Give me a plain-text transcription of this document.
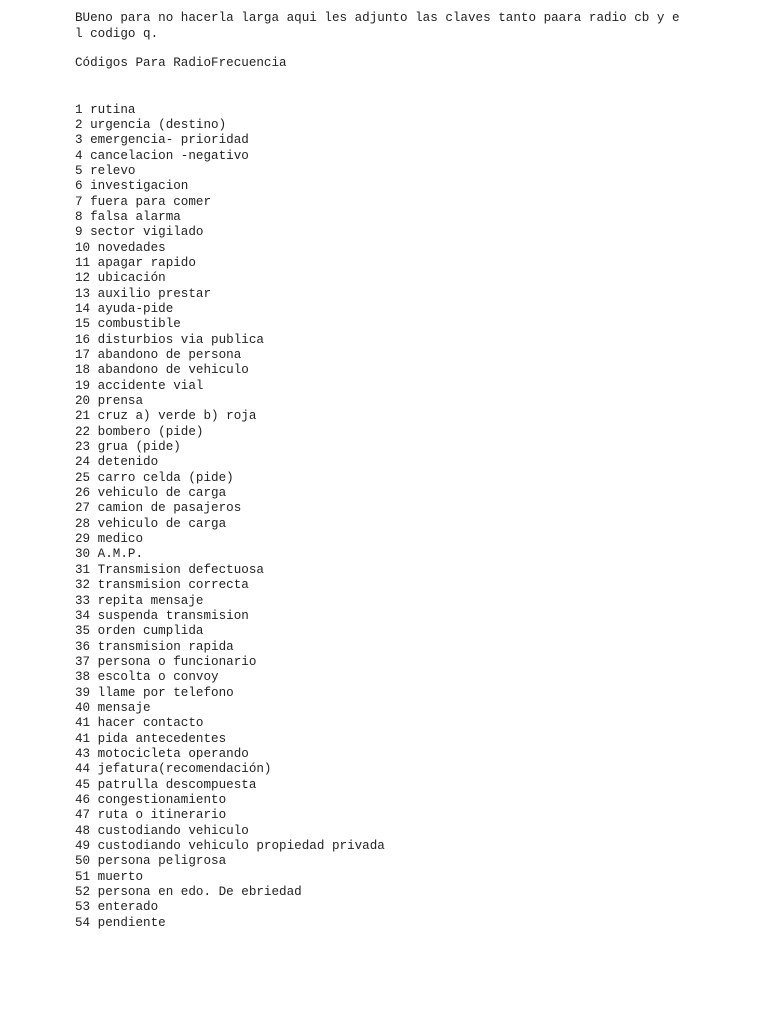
BUeno para no hacerla larga aqui les adjunto las claves tanto paara radio cb y e
l codigo q.

Códigos Para RadioFrecuencia

1 rutina
2 urgencia (destino)
3 emergencia- prioridad
4 cancelacion -negativo
5 relevo
6 investigacion
7 fuera para comer
8 falsa alarma
9 sector vigilado
10 novedades
11 apagar rapido
12 ubicación
13 auxilio prestar
14 ayuda-pide
15 combustible
16 disturbios via publica
17 abandono de persona
18 abandono de vehiculo
19 accidente vial
20 prensa
21 cruz a) verde b) roja
22 bombero (pide)
23 grua (pide)
24 detenido
25 carro celda (pide)
26 vehiculo de carga
27 camion de pasajeros
28 vehiculo de carga
29 medico
30 A.M.P.
31 Transmision defectuosa
32 transmision correcta
33 repita mensaje
34 suspenda transmision
35 orden cumplida
36 transmision rapida
37 persona o funcionario
38 escolta o convoy
39 llame por telefono
40 mensaje
41 hacer contacto
41 pida antecedentes
43 motocicleta operando
44 jefatura(recomendación)
45 patrulla descompuesta
46 congestionamiento
47 ruta o itinerario
48 custodiando vehiculo
49 custodiando vehiculo propiedad privada
50 persona peligrosa
51 muerto
52 persona en edo. De ebriedad
53 enterado
54 pendiente
